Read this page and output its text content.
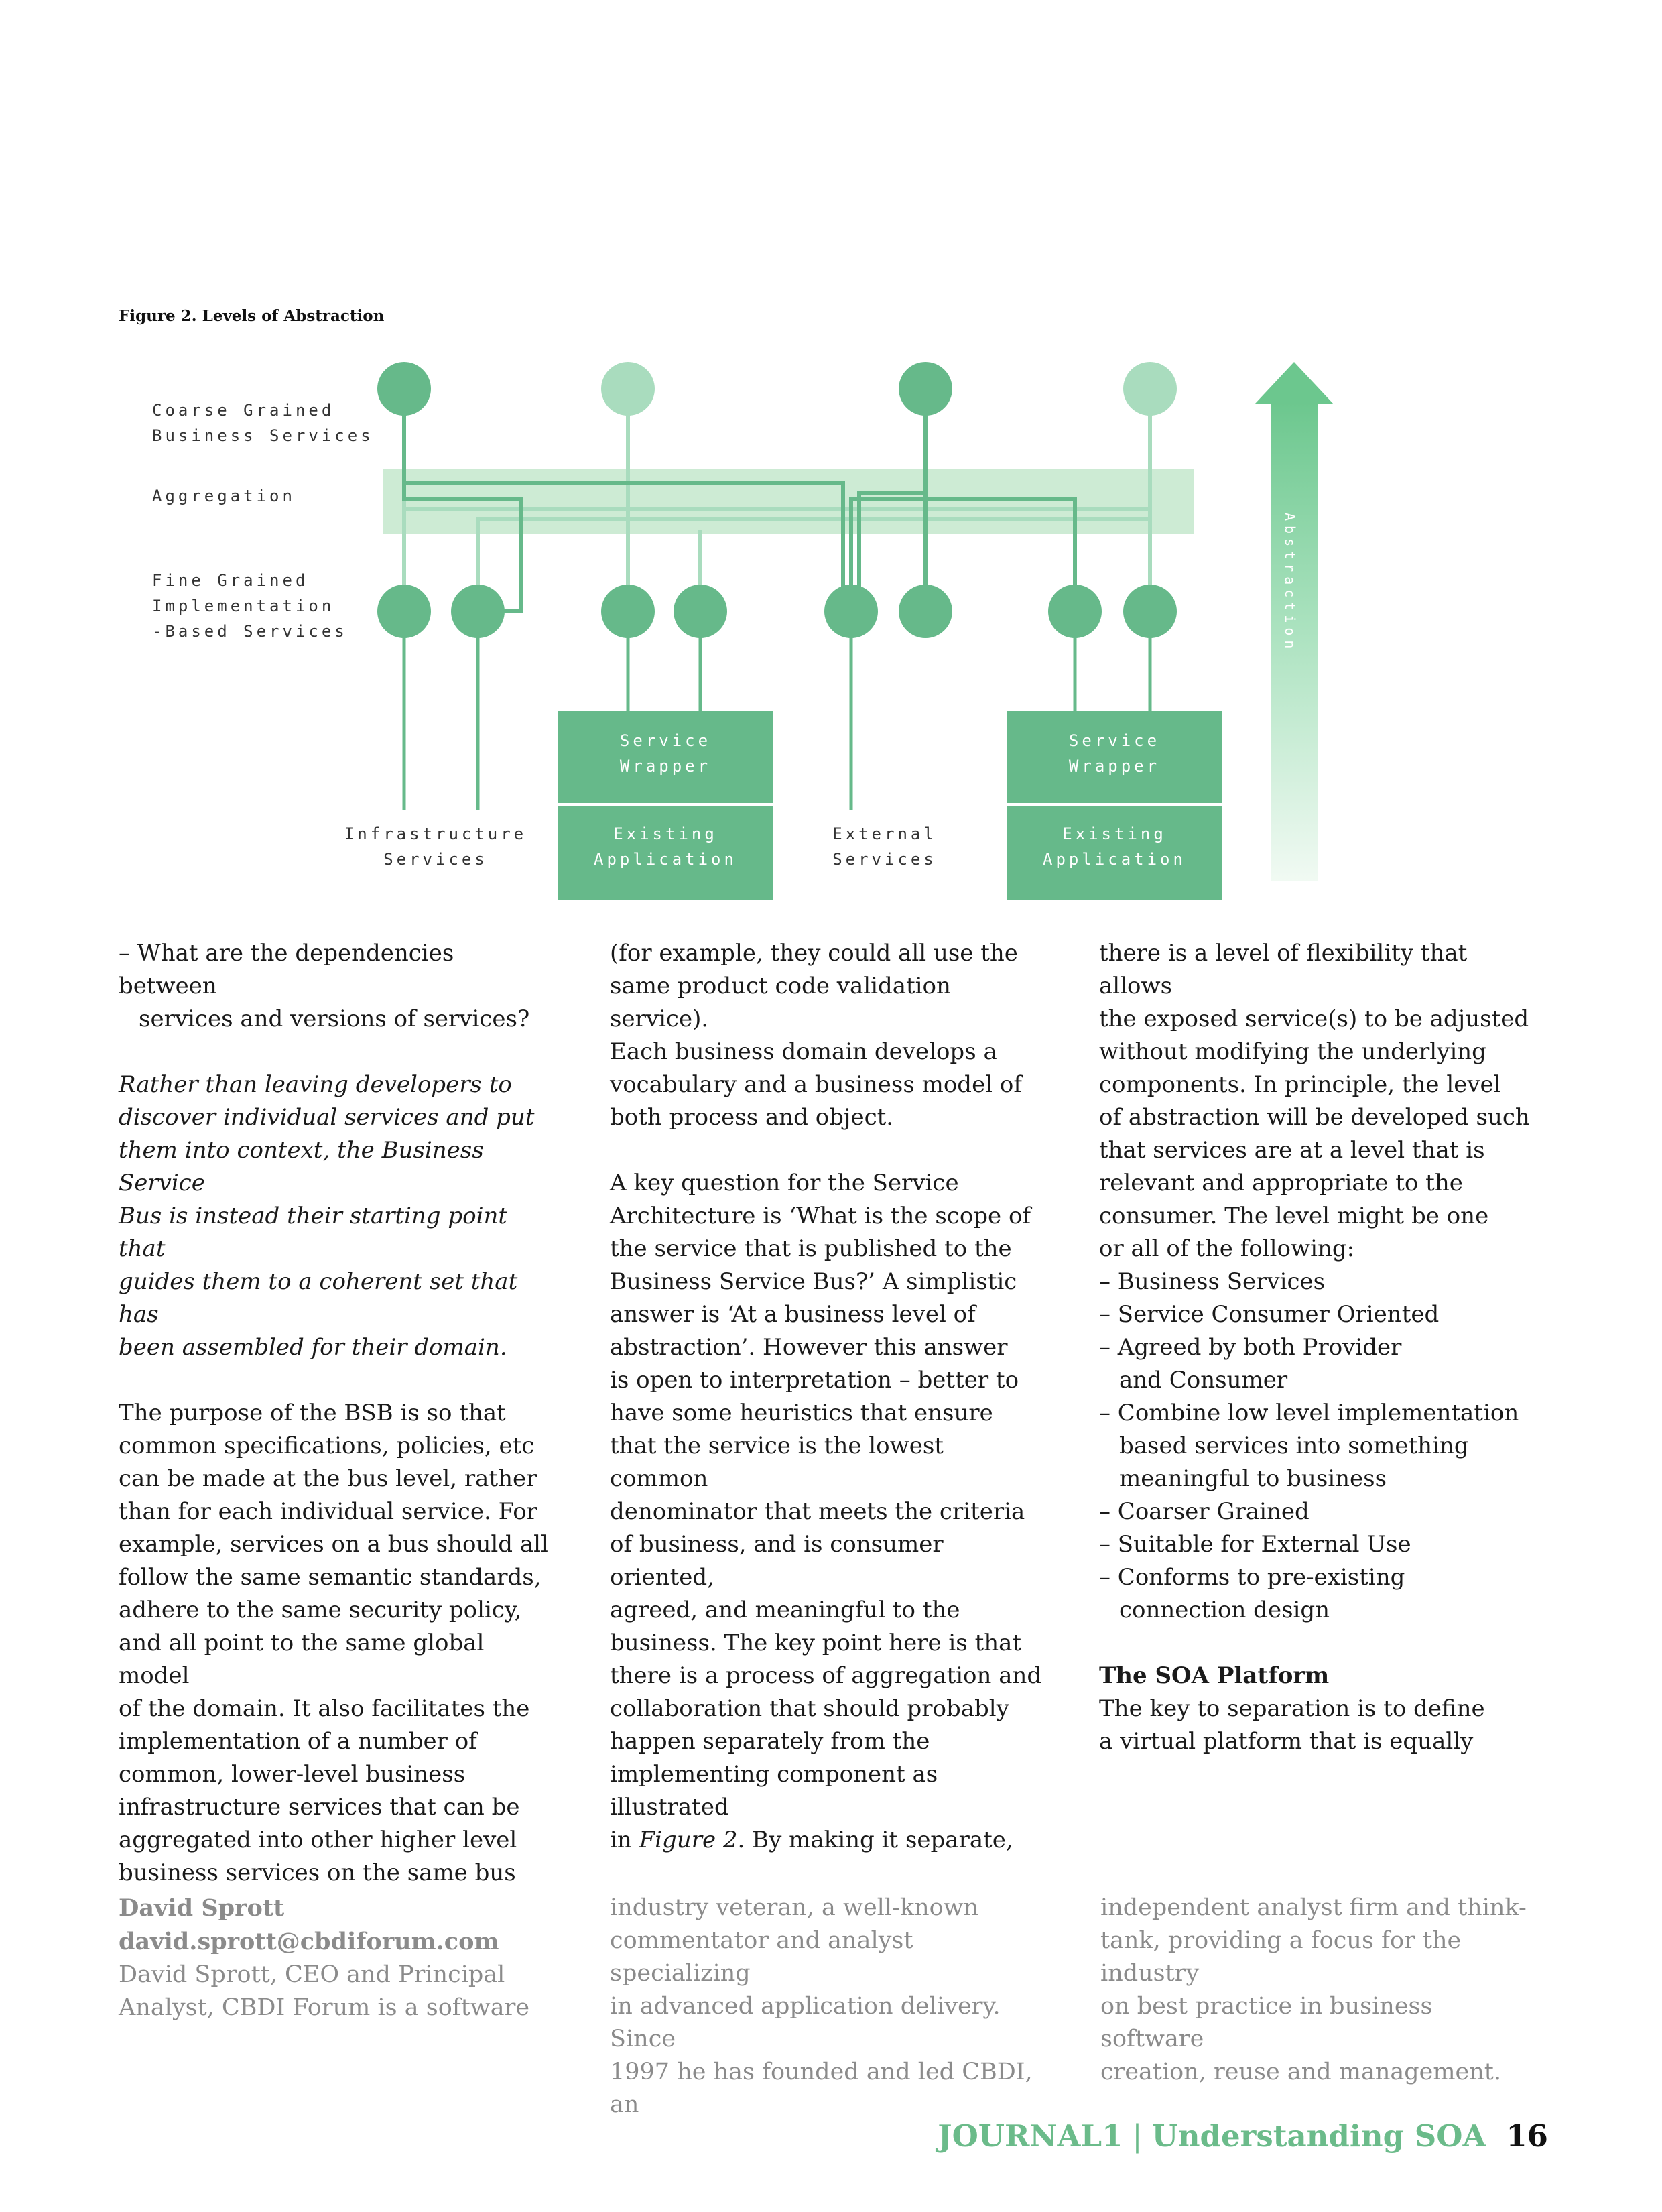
Figure 2. Levels of Abstraction
Coarse Grained
Business Services
Aggregation
Fine Grained
Implementation
-Based Services
Infrastructure
Services
External
Services
Service
Wrapper
Existing
Application
Service
Wrapper
Existing
Application
Abstraction

– What are the dependencies between
services and versions of services?

Rather than leaving developers to
discover individual services and put
them into context, the Business Service
Bus is instead their starting point that
guides them to a coherent set that has
been assembled for their domain.

The purpose of the BSB is so that
common specifications, policies, etc
can be made at the bus level, rather
than for each individual service. For
example, services on a bus should all
follow the same semantic standards,
adhere to the same security policy,
and all point to the same global model
of the domain. It also facilitates the
implementation of a number of
common, lower-level business
infrastructure services that can be
aggregated into other higher level
business services on the same bus

(for example, they could all use the
same product code validation service).
Each business domain develops a
vocabulary and a business model of
both process and object.

A key question for the Service
Architecture is ‘What is the scope of
the service that is published to the
Business Service Bus?’ A simplistic
answer is ‘At a business level of
abstraction’. However this answer
is open to interpretation – better to
have some heuristics that ensure
that the service is the lowest common
denominator that meets the criteria
of business, and is consumer oriented,
agreed, and meaningful to the
business. The key point here is that
there is a process of aggregation and
collaboration that should probably
happen separately from the
implementing component as illustrated
in Figure 2. By making it separate,

there is a level of flexibility that allows
the exposed service(s) to be adjusted
without modifying the underlying
components. In principle, the level
of abstraction will be developed such
that services are at a level that is
relevant and appropriate to the
consumer. The level might be one
or all of the following:

– Business Services
– Service Consumer Oriented
– Agreed by both Provider
and Consumer
– Combine low level implementation
based services into something
meaningful to business
– Coarser Grained
– Suitable for External Use
– Conforms to pre-existing
connection design

The SOA Platform
The key to separation is to define
a virtual platform that is equally

David Sprott
david.sprott@cbdiforum.com
David Sprott, CEO and Principal
Analyst, CBDI Forum is a software
industry veteran, a well-known
commentator and analyst specializing
in advanced application delivery. Since
1997 he has founded and led CBDI, an
independent analyst firm and think-
tank, providing a focus for the industry
on best practice in business software
creation, reuse and management.
JOURNAL1 | Understanding SOA 16
